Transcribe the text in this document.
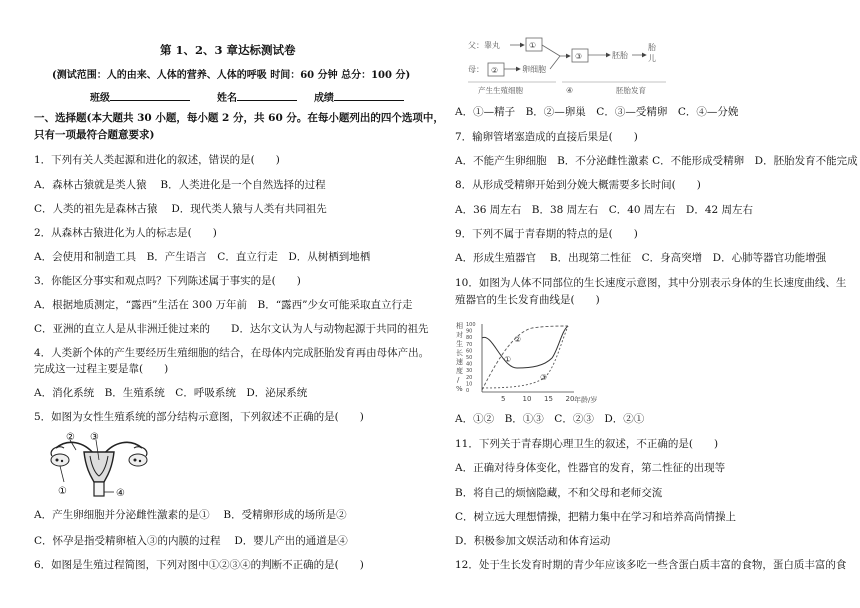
第 1、2、3 章达标测试卷
(测试范围：人的由来、人体的营养、人体的呼吸 时间：60 分钟 总分：100 分)
班级	姓名	成绩
一、选择题(本大题共 30 小题，每小题 2 分，共 60 分。在每小题列出的四个选项中，
只有一项最符合题意要求)
1．下列有关人类起源和进化的叙述，错误的是(　　)
A．森林古猿就是类人猿　 B．人类进化是一个自然选择的过程
C．人类的祖先是森林古猿　 D．现代类人猿与人类有共同祖先
2．从森林古猿进化为人的标志是(　　)
A．会使用和制造工具　B．产生语言　C．直立行走　D．从树栖到地栖
3．你能区分事实和观点吗？下列陈述属于事实的是(　　)
A．根据地质测定，“露西”生活在 300 万年前　B．“露西”少女可能采取直立行走
C．亚洲的直立人是从非洲迁徙过来的　　D．达尔文认为人与动物起源于共同的祖先
4．人类新个体的产生要经历生殖细胞的结合，在母体内完成胚胎发育再由母体产出。
完成这一过程主要是靠(　　)
A．消化系统　B．生殖系统　C．呼吸系统　D．泌尿系统
5．如图为女性生殖系统的部分结构示意图，下列叙述不正确的是(　　)
② ③
①	④
A．产生卵细胞并分泌雌性激素的是①　 B．受精卵形成的场所是②
C．怀孕是指受精卵植入③的内膜的过程　 D．婴儿产出的通道是④
6．如图是生殖过程简图，下列对图中①②③④的判断不正确的是(　　)
父：睾丸	①
母： ②	卵细胞
③	胚胎
胎
儿
产生生殖细胞	④	胚胎发育
A．①—精子　B．②—卵巢　C．③—受精卵　C．④—分娩
7．输卵管堵塞造成的直接后果是(　　)
A．不能产生卵细胞　B．不分泌雌性激素 C．不能形成受精卵　D．胚胎发育不能完成
8．从形成受精卵开始到分娩大概需要多长时间(　　)
A．36 周左右　B．38 周左右　C．40 周左右　D．42 周左右
9．下列不属于青春期的特点的是(　　)
A．形成生殖器官　 B．出现第二性征　C．身高突增　D．心肺等器官功能增强
10．如图为人体不同部位的生长速度示意图，其中分别表示身体的生长速度曲线、生
殖器官的生长发育曲线是(　　)
相
对
生
长
速
度
/
%
100
90
80
70
60
50
40
30
20
10
0
5 10 15 20 年龄/岁
①
②
③
A．①②　B．①③　C．②③　D．②①
11．下列关于青春期心理卫生的叙述，不正确的是(　　)
A．正确对待身体变化，性器官的发育，第二性征的出现等
B．将自己的烦恼隐藏，不和父母和老师交流
C．树立远大理想情操，把精力集中在学习和培养高尚情操上
D．积极参加文娱活动和体育运动
12．处于生长发育时期的青少年应该多吃一些含蛋白质丰富的食物，蛋白质丰富的食
